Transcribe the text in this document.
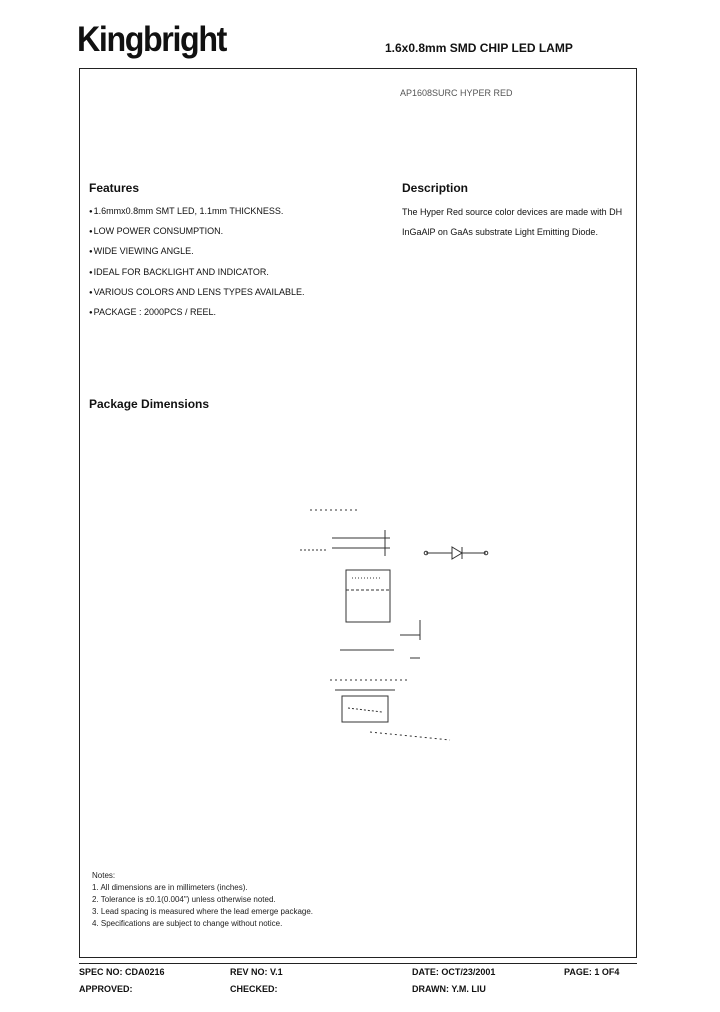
Kingbright	1.6x0.8mm SMD CHIP LED LAMP
AP1608SURC HYPER RED
Features
● 1.6mmx0.8mm SMT LED, 1.1mm THICKNESS.
● LOW POWER CONSUMPTION.
● WIDE VIEWING ANGLE.
● IDEAL FOR BACKLIGHT AND INDICATOR.
● VARIOUS COLORS AND LENS TYPES AVAILABLE.
● PACKAGE : 2000PCS / REEL.
Description
The Hyper Red source color devices are made with DH
InGaAlP on GaAs substrate Light Emitting Diode.
Package Dimensions
Notes:
1. All dimensions are in millimeters (inches).
2. Tolerance is ±0.1(0.004") unless otherwise noted.
3. Lead spacing is measured where the lead emerge package.
4. Specifications are subject to change without notice.
SPEC NO: CDA0216	REV NO: V.1	DATE: OCT/23/2001	PAGE: 1 OF4
APPROVED:	CHECKED:	DRAWN: Y.M. LIU
